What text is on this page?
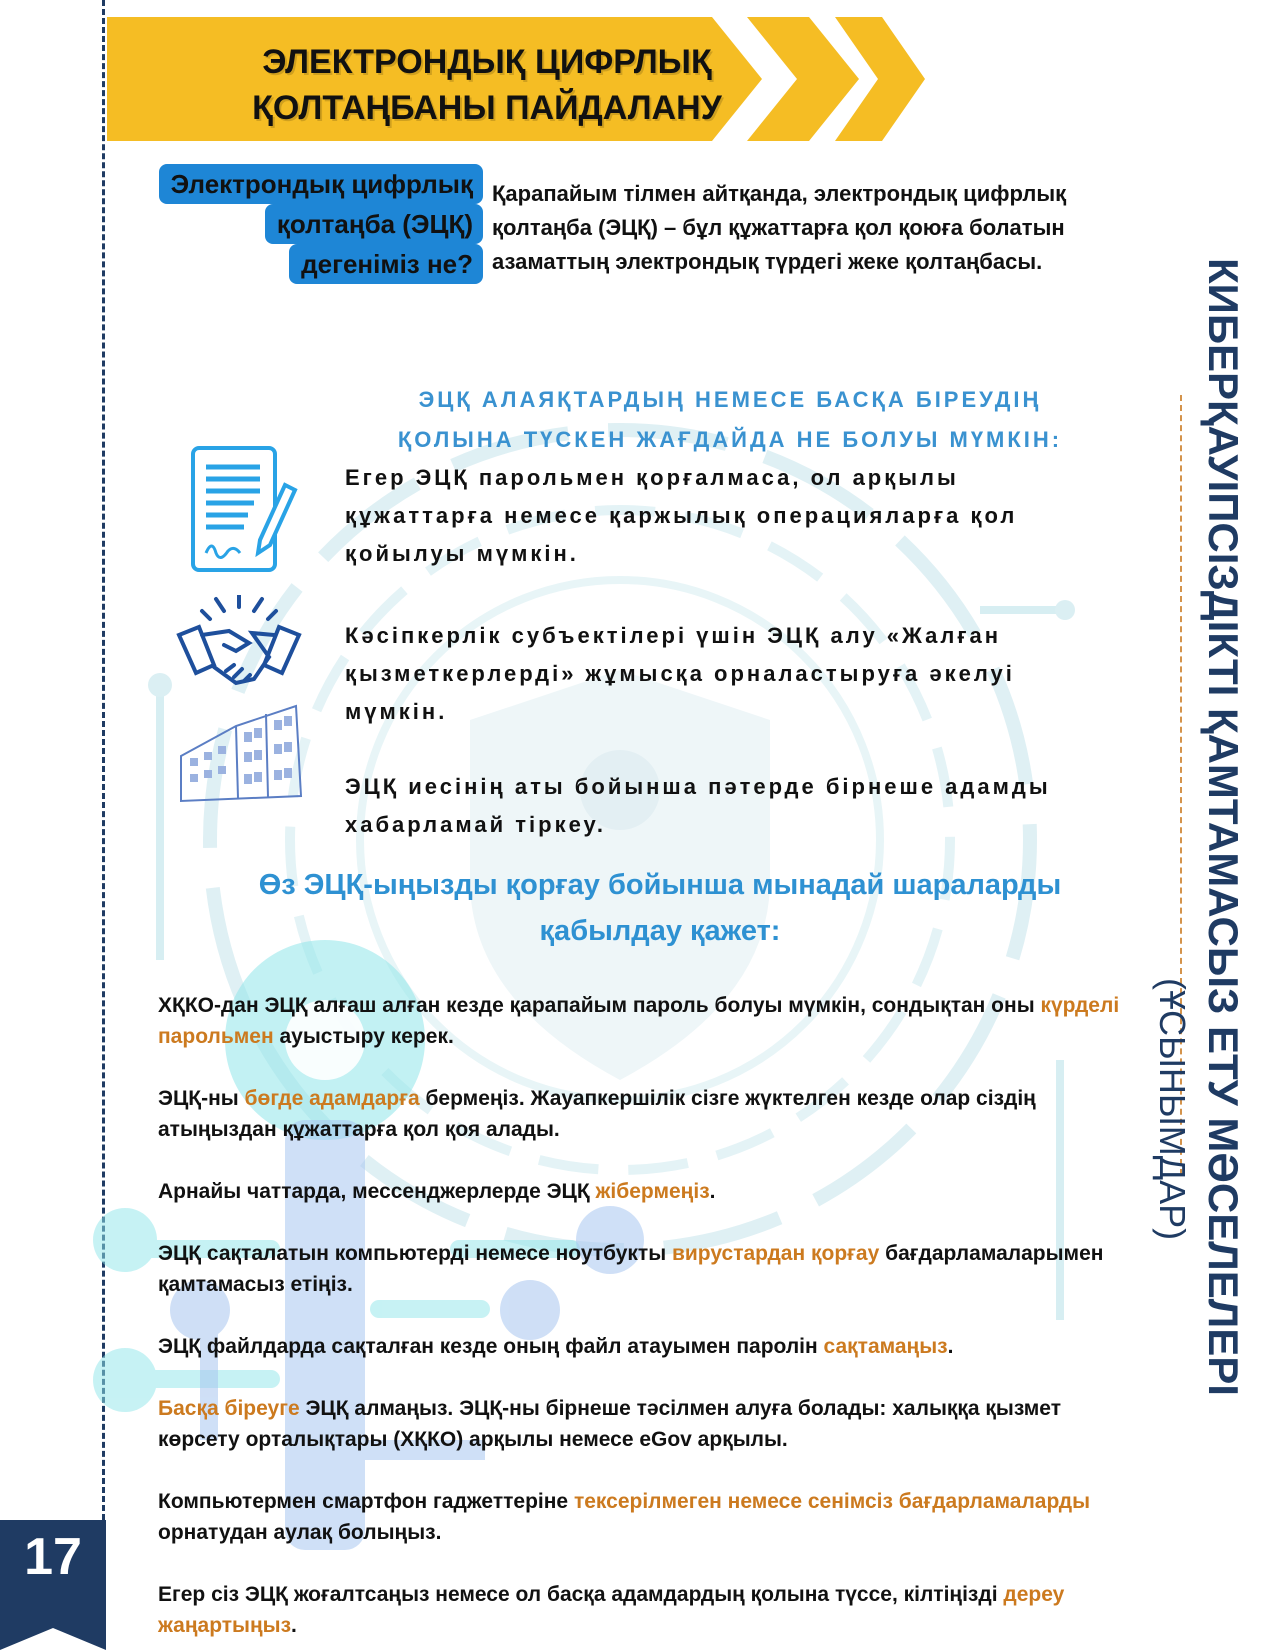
ЭЛЕКТРОНДЫҚ ЦИФРЛЫҚ
ҚОЛТАҢБАНЫ ПАЙДАЛАНУ
Электрондық цифрлық
қолтаңба (ЭЦҚ)
дегеніміз не?

Қарапайым тілмен айтқанда, электрондық цифрлық қолтаңба (ЭЦҚ) – бұл құжаттарға қол қоюға болатын азаматтың электрондық түрдегі жеке қолтаңбасы.

ЭЦҚ АЛАЯҚТАРДЫҢ НЕМЕСЕ БАСҚА БІРЕУДІҢ
ҚОЛЫНА ТҮСКЕН ЖАҒДАЙДА НЕ БОЛУЫ МҮМКІН:

Егер ЭЦҚ парольмен қорғалмаса, ол арқылы құжаттарға немесе қаржылық операцияларға қол қойылуы мүмкін.

Кәсіпкерлік субъектілері үшін ЭЦҚ алу «Жалған қызметкерлерді» жұмысқа орналастыруға әкелуі мүмкін.

ЭЦҚ иесінің аты бойынша пәтерде бірнеше адамды хабарламай тіркеу.

Өз ЭЦҚ-ыңызды қорғау бойынша мынадай шараларды қабылдау қажет:

ХҚКО-дан ЭЦҚ алғаш алған кезде қарапайым пароль болуы мүмкін, сондықтан оны күрделі парольмен ауыстыру керек.

ЭЦҚ-ны бөгде адамдарға бермеңіз. Жауапкершілік сізге жүктелген кезде олар сіздің атыңыздан құжаттарға қол қоя алады.

Арнайы чаттарда, мессенджерлерде ЭЦҚ жібермеңіз.

ЭЦҚ сақталатын компьютерді немесе ноутбукты вирустардан қорғау бағдарламаларымен қамтамасыз етіңіз.

ЭЦҚ файлдарда сақталған кезде оның файл атауымен паролін сақтамаңыз.

Басқа біреуге ЭЦҚ алмаңыз. ЭЦҚ-ны бірнеше тәсілмен алуға болады: халыққа қызмет көрсету орталықтары (ХҚКО) арқылы немесе eGov арқылы.

Компьютермен смартфон гаджеттеріне тексерілмеген немесе сенімсіз бағдарламаларды орнатудан аулақ болыңыз.

Егер сіз ЭЦҚ жоғалтсаңыз немесе ол басқа адамдардың қолына түссе, кілтіңізді дереу жаңартыңыз.

КИБЕРҚАУІПСІЗДІКТІ ҚАМТАМАСЫЗ ЕТУ МӘСЕЛЕЛЕРІ
(ҰСЫНЫМДАР)
17
